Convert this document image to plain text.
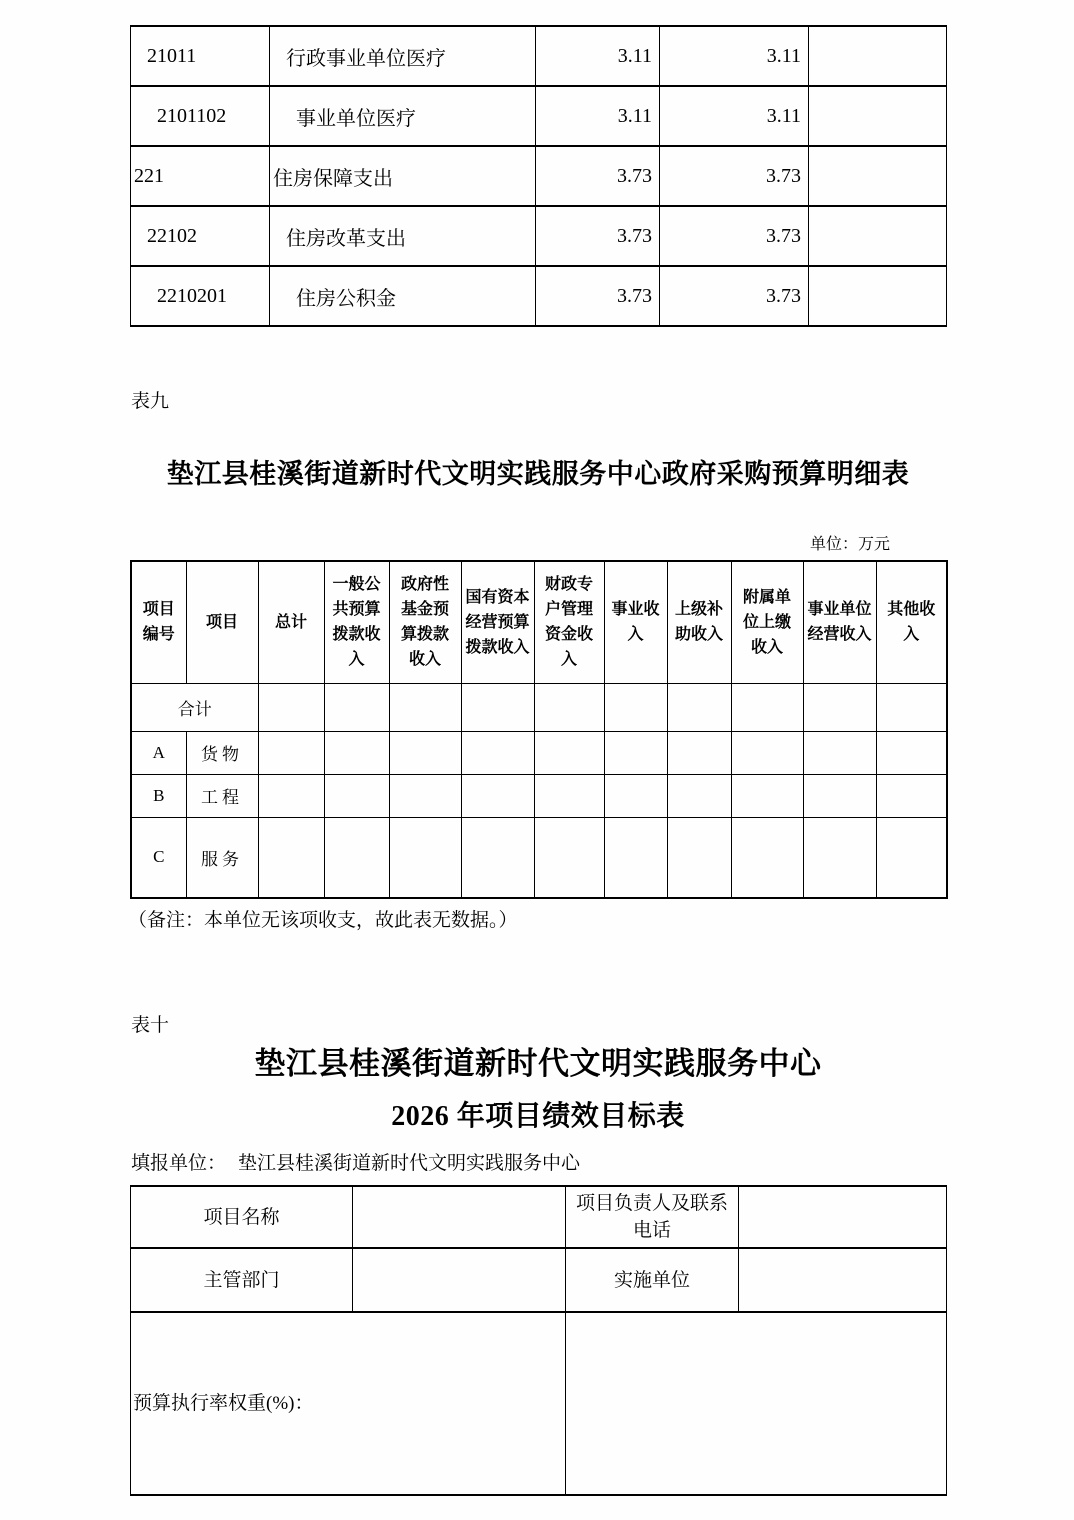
21011	行政事业单位医疗	3.11	3.11	
2101102	事业单位医疗	3.11	3.11	
221	住房保障支出	3.73	3.73	
22102	住房改革支出	3.73	3.73	
2210201	住房公积金	3.73	3.73	
表九
垫江县桂溪街道新时代文明实践服务中心政府采购预算明细表
单位：万元
项目编号	项目	总计	一般公共预算拨款收入	政府性基金预算拨款收入	国有资本经营预算拨款收入	财政专户管理资金收入	事业收入	上级补助收入	附属单位上缴收入	事业单位经营收入	其他收入
合计											
A	货物										
B	工程										
C	服务										
（备注：本单位无该项收支，故此表无数据。）
表十
垫江县桂溪街道新时代文明实践服务中心
2026 年项目绩效目标表
填报单位： 垫江县桂溪街道新时代文明实践服务中心
项目名称		项目负责人及联系电话	
主管部门		实施单位	
预算执行率权重(%)：			
